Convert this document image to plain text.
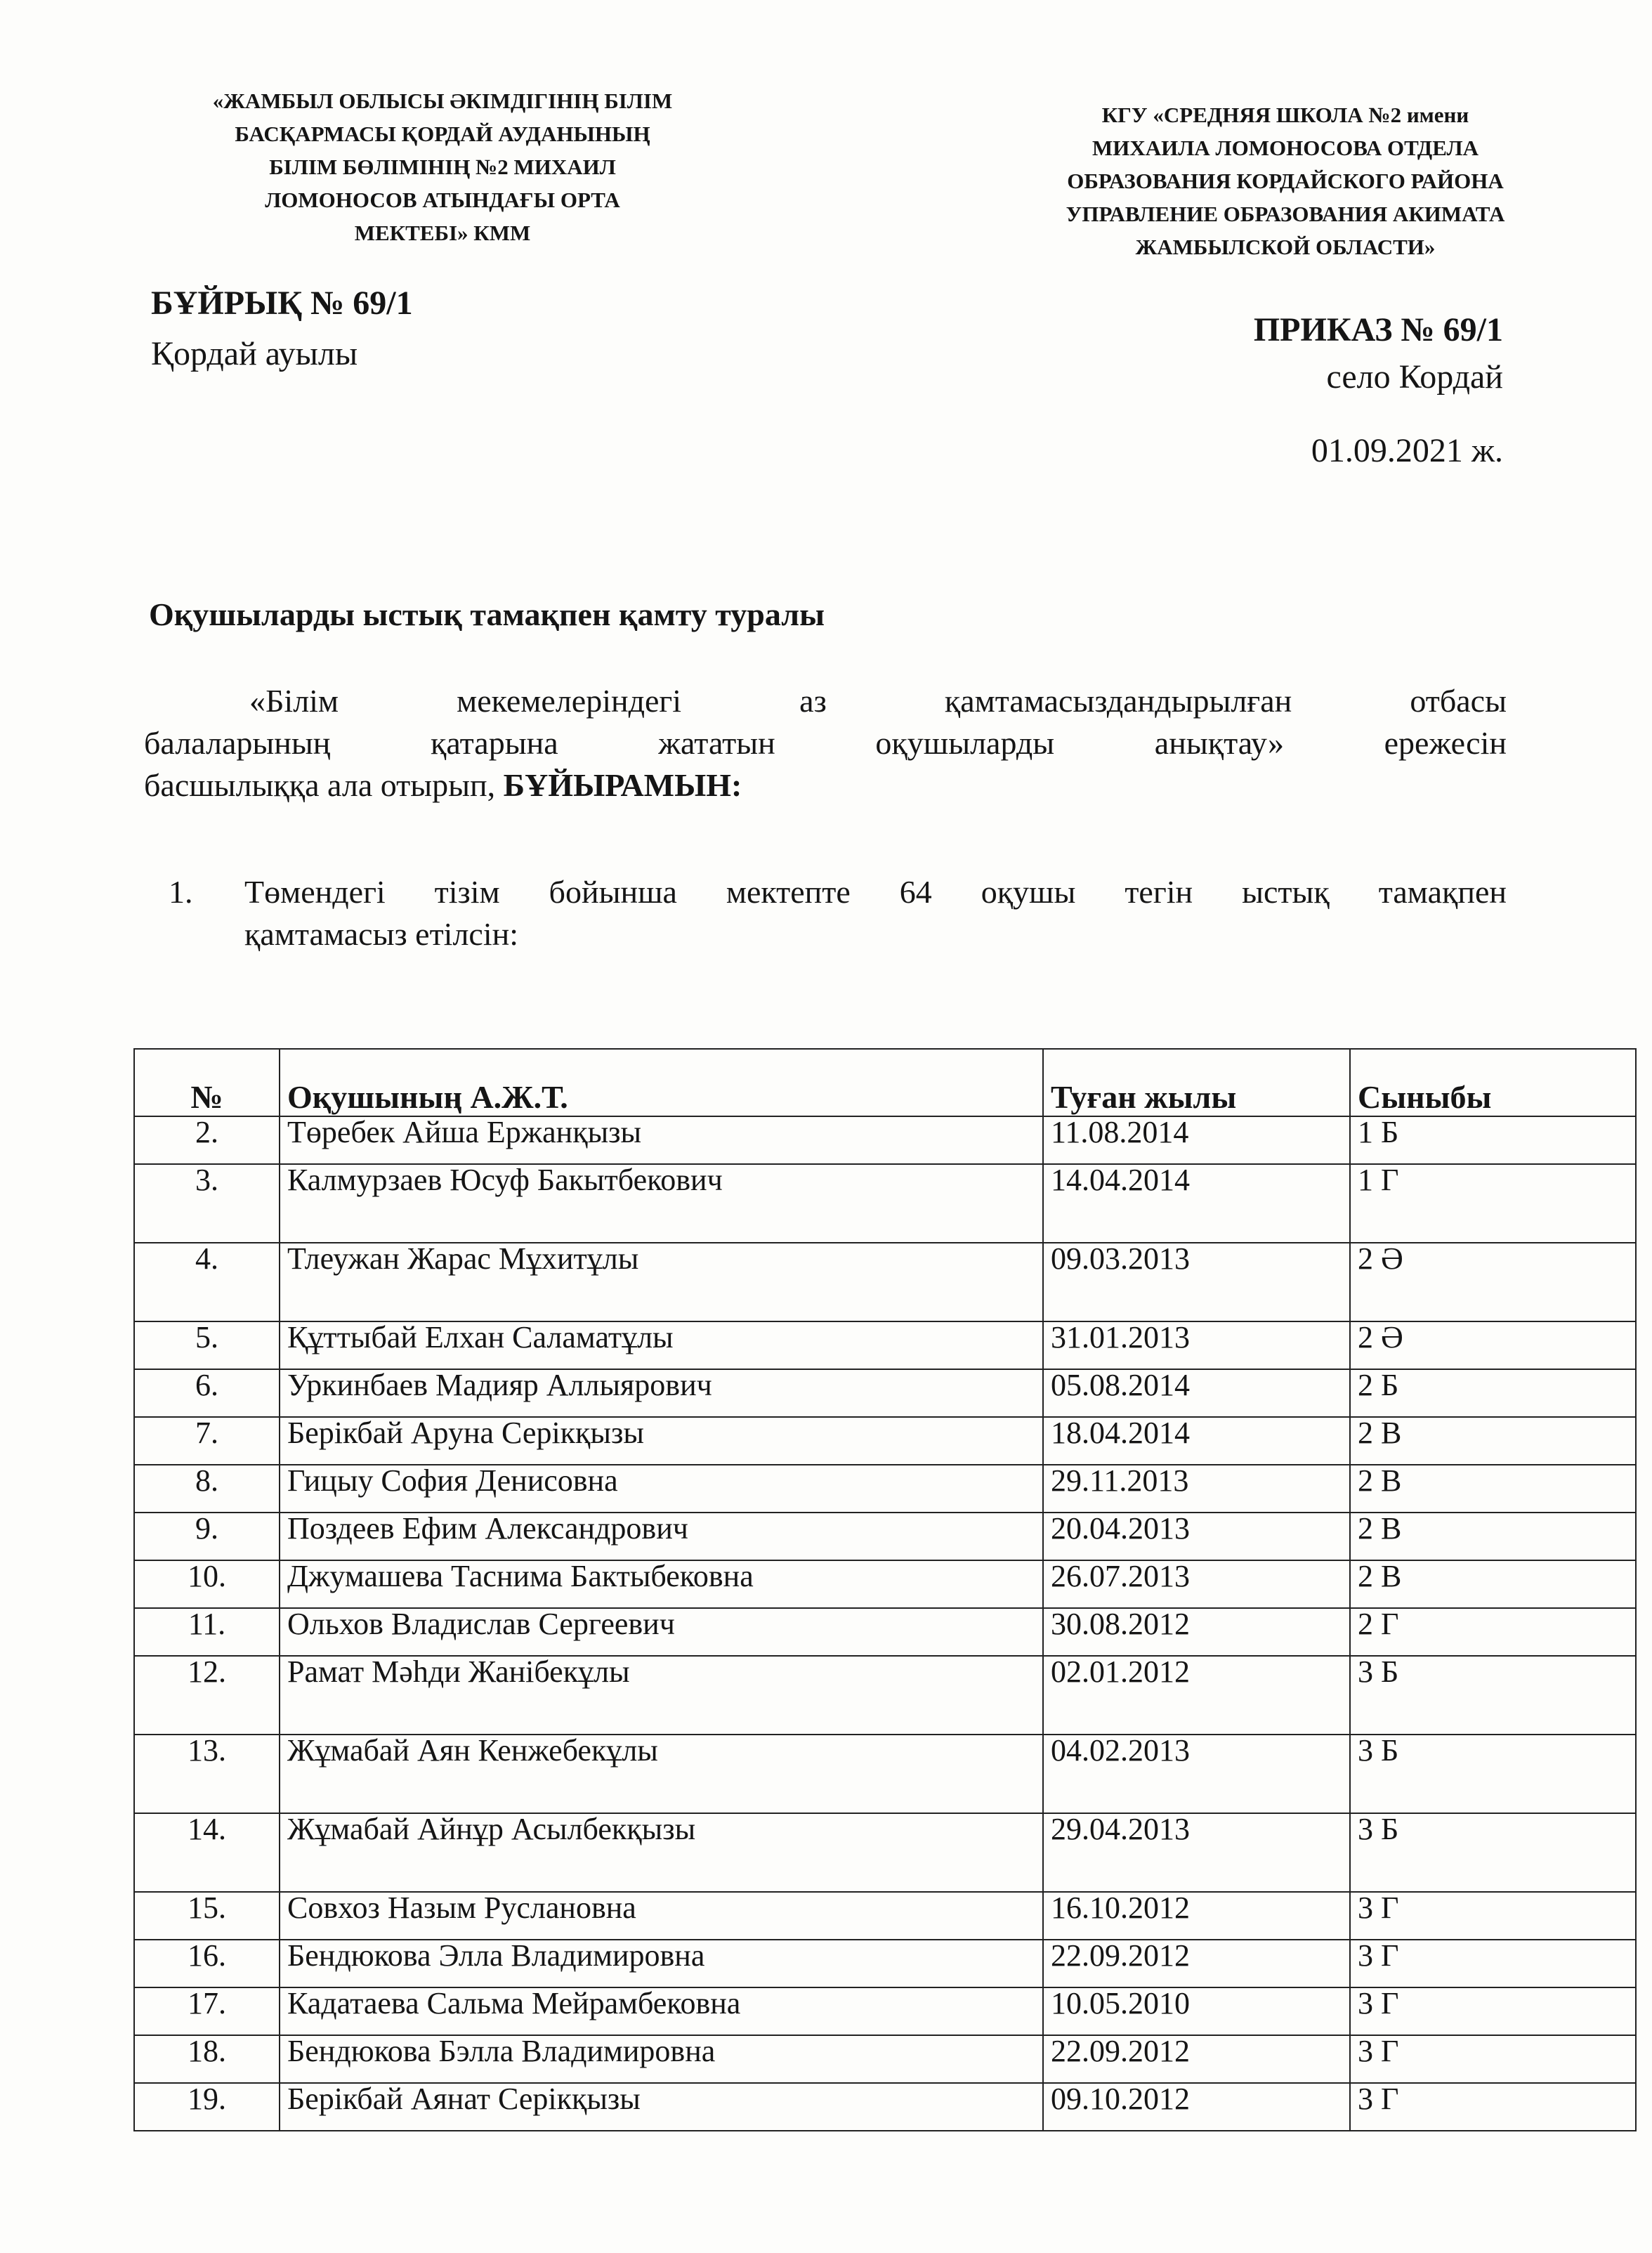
«ЖАМБЫЛ ОБЛЫСЫ ӘКІМДІГІНІҢ БІЛІМ
БАСҚАРМАСЫ ҚОРДАЙ АУДАНЫНЫҢ
БІЛІМ БӨЛІМІНІҢ №2 МИХАИЛ
ЛОМОНОСОВ АТЫНДАҒЫ ОРТА
МЕКТЕБІ» КММ
КГУ «СРЕДНЯЯ ШКОЛА №2 имени
МИХАИЛА ЛОМОНОСОВА ОТДЕЛА
ОБРАЗОВАНИЯ КОРДАЙСКОГО РАЙОНА
УПРАВЛЕНИЕ ОБРАЗОВАНИЯ АКИМАТА
ЖАМБЫЛСКОЙ ОБЛАСТИ»
БҰЙРЫҚ № 69/1
Қордай ауылы
ПРИКАЗ № 69/1
село Кордай
01.09.2021 ж.
Оқушыларды ыстық тамақпен қамту туралы
«Білім мекемелеріндегі аз қамтамасыздандырылған отбасы
балаларының қатарына жататын оқушыларды анықтау» ережесін
басшылыққа ала отырып, БҰЙЫРАМЫН:
1. Төмендегі тізім бойынша мектепте 64 оқушы тегін ыстық тамақпен
қамтамасыз етілсін:
№	Оқушының А.Ж.Т.	Туған жылы	Сыныбы
2.	Төребек Айша Ержанқызы	11.08.2014	1 Б
3.	Калмурзаев Юсуф Бакытбекович	14.04.2014	1 Г
4.	Тлеужан Жарас Мұхитұлы	09.03.2013	2 Ә
5.	Құттыбай Елхан Саламатұлы	31.01.2013	2 Ә
6.	Уркинбаев Мадияр Аллыярович	05.08.2014	2 Б
7.	Берікбай Аруна Серікқызы	18.04.2014	2 В
8.	Гицыу София Денисовна	29.11.2013	2 В
9.	Поздеев Ефим Александрович	20.04.2013	2 В
10.	Джумашева Таснима Бактыбековна	26.07.2013	2 В
11.	Ольхов Владислав Сергеевич	30.08.2012	2 Г
12.	Рамат Мәһди Жанібекұлы	02.01.2012	3 Б
13.	Жұмабай Аян Кенжебекұлы	04.02.2013	3 Б
14.	Жұмабай Айнұр Асылбекқызы	29.04.2013	3 Б
15.	Совхоз Назым Руслановна	16.10.2012	3 Г
16.	Бендюкова Элла Владимировна	22.09.2012	3 Г
17.	Кадатаева Сальма Мейрамбековна	10.05.2010	3 Г
18.	Бендюкова Бэлла Владимировна	22.09.2012	3 Г
19.	Берікбай Аянат Серікқызы	09.10.2012	3 Г
